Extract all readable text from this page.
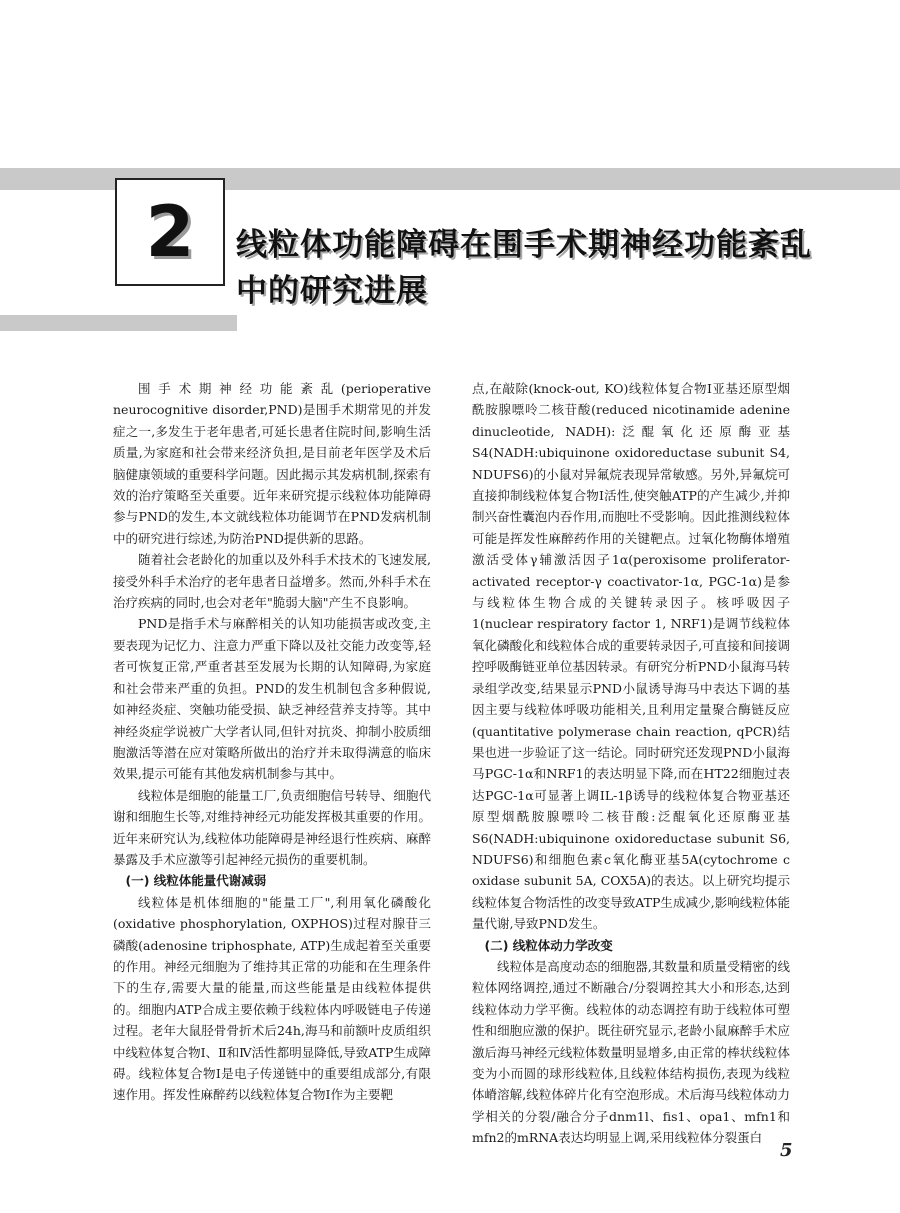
2 线粒体功能障碍在围手术期神经功能紊乱
中的研究进展

围手术期神经功能紊乱(perioperative neurocognitive disorder,PND)是围手术期常见的并发症之一,多发生于老年患者,可延长患者住院时间,影响生活质量,为家庭和社会带来经济负担,是目前老年医学及术后脑健康领域的重要科学问题。因此揭示其发病机制,探索有效的治疗策略至关重要。近年来研究提示线粒体功能障碍参与PND的发生,本文就线粒体功能调节在PND发病机制中的研究进行综述,为防治PND提供新的思路。

随着社会老龄化的加重以及外科手术技术的飞速发展,接受外科手术治疗的老年患者日益增多。然而,外科手术在治疗疾病的同时,也会对老年"脆弱大脑"产生不良影响。

PND是指手术与麻醉相关的认知功能损害或改变,主要表现为记忆力、注意力严重下降以及社交能力改变等,轻者可恢复正常,严重者甚至发展为长期的认知障碍,为家庭和社会带来严重的负担。PND的发生机制包含多种假说,如神经炎症、突触功能受损、缺乏神经营养支持等。其中神经炎症学说被广大学者认同,但针对抗炎、抑制小胶质细胞激活等潜在应对策略所做出的治疗并未取得满意的临床效果,提示可能有其他发病机制参与其中。

线粒体是细胞的能量工厂,负责细胞信号转导、细胞代谢和细胞生长等,对维持神经元功能发挥极其重要的作用。近年来研究认为,线粒体功能障碍是神经退行性疾病、麻醉暴露及手术应激等引起神经元损伤的重要机制。

(一) 线粒体能量代谢减弱

线粒体是机体细胞的"能量工厂",利用氧化磷酸化(oxidative phosphorylation, OXPHOS)过程对腺苷三磷酸(adenosine triphosphate, ATP)生成起着至关重要的作用。神经元细胞为了维持其正常的功能和在生理条件下的生存,需要大量的能量,而这些能量是由线粒体提供的。细胞内ATP合成主要依赖于线粒体内呼吸链电子传递过程。老年大鼠胫骨骨折术后24h,海马和前额叶皮质组织中线粒体复合物Ⅰ、Ⅱ和Ⅳ活性都明显降低,导致ATP生成障碍。线粒体复合物Ⅰ是电子传递链中的重要组成部分,有限速作用。挥发性麻醉药以线粒体复合物Ⅰ作为主要靶

点,在敲除(knock-out, KO)线粒体复合物Ⅰ亚基还原型烟酰胺腺嘌呤二核苷酸(reduced nicotinamide adenine dinucleotide, NADH):泛醌氧化还原酶亚基S4(NADH:ubiquinone oxidoreductase subunit S4, NDUFS6)的小鼠对异氟烷表现异常敏感。另外,异氟烷可直接抑制线粒体复合物Ⅰ活性,使突触ATP的产生减少,并抑制兴奋性囊泡内吞作用,而胞吐不受影响。因此推测线粒体可能是挥发性麻醉药作用的关键靶点。过氧化物酶体增殖激活受体γ辅激活因子1α(peroxisome proliferator-activated receptor-γ coactivator-1α, PGC-1α)是参与线粒体生物合成的关键转录因子。核呼吸因子1(nuclear respiratory factor 1, NRF1)是调节线粒体氧化磷酸化和线粒体合成的重要转录因子,可直接和间接调控呼吸酶链亚单位基因转录。有研究分析PND小鼠海马转录组学改变,结果显示PND小鼠诱导海马中表达下调的基因主要与线粒体呼吸功能相关,且利用定量聚合酶链反应(quantitative polymerase chain reaction, qPCR)结果也进一步验证了这一结论。同时研究还发现PND小鼠海马PGC-1α和NRF1的表达明显下降,而在HT22细胞过表达PGC-1α可显著上调IL-1β诱导的线粒体复合物亚基还原型烟酰胺腺嘌呤二核苷酸:泛醌氧化还原酶亚基S6(NADH:ubiquinone oxidoreductase subunit S6, NDUFS6)和细胞色素c氧化酶亚基5A(cytochrome c oxidase subunit 5A, COX5A)的表达。以上研究均提示线粒体复合物活性的改变导致ATP生成减少,影响线粒体能量代谢,导致PND发生。

(二) 线粒体动力学改变

线粒体是高度动态的细胞器,其数量和质量受精密的线粒体网络调控,通过不断融合/分裂调控其大小和形态,达到线粒体动力学平衡。线粒体的动态调控有助于线粒体可塑性和细胞应激的保护。既往研究显示,老龄小鼠麻醉手术应激后海马神经元线粒体数量明显增多,由正常的棒状线粒体变为小而圆的球形线粒体,且线粒体结构损伤,表现为线粒体嵴溶解,线粒体碎片化有空泡形成。术后海马线粒体动力学相关的分裂/融合分子dnm1l、fis1、opa1、mfn1和mfn2的mRNA表达均明显上调,采用线粒体分裂蛋白

5
